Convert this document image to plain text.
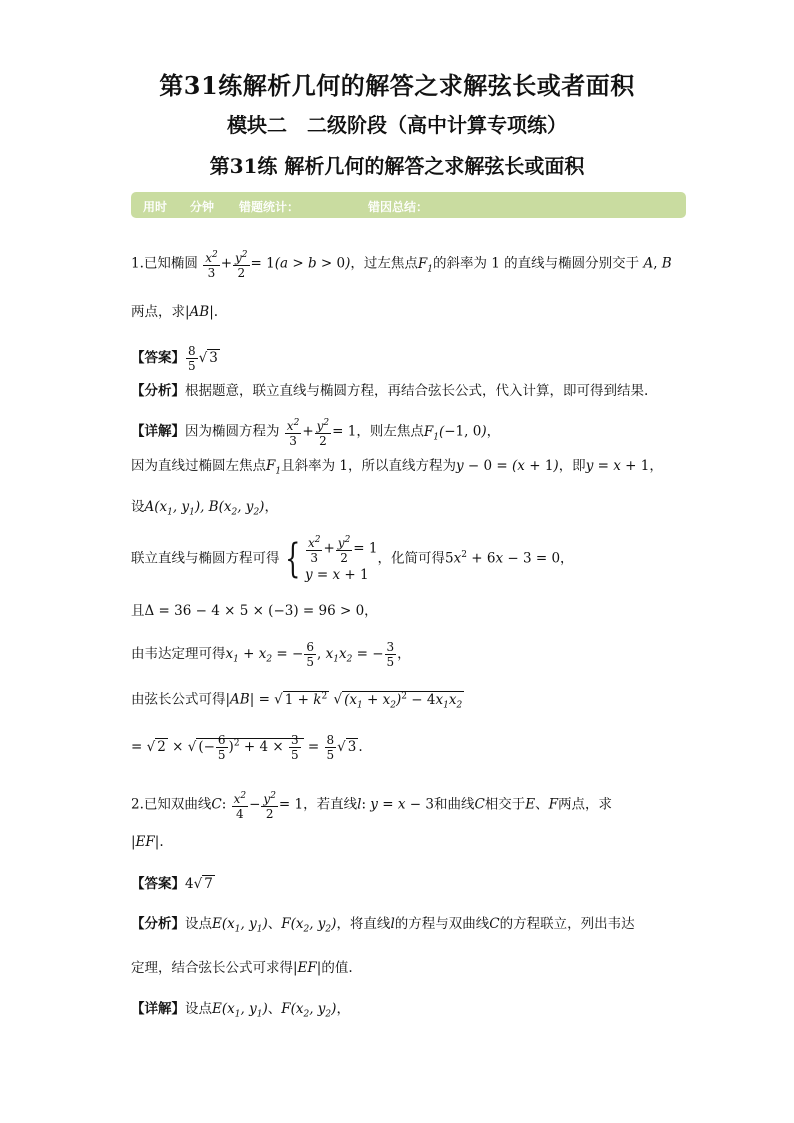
第31练解析几何的解答之求解弦长或者面积
模块二　二级阶段（高中计算专项练）
第31练 解析几何的解答之求解弦长或面积
用时 分钟 错题统计：	错因总结：
1.已知椭圆 $\frac{x^2}{3} + \frac{y^2}{2} = 1(a > b > 0)$，过左焦点$F_1$的斜率为 1 的直线与椭圆分别交于 A, B
两点，求|AB|.
【答案】 $\frac{8}{5}$ √ 3
【分析】根据题意，联立直线与椭圆方程，再结合弦长公式，代入计算，即可得到结果.
【详解】因为椭圆方程为 $\frac{x^2}{3} + \frac{y^2}{2} = 1$，则左焦点$F_1(-1$, 0)，
因为直线过椭圆左焦点$F_1$且斜率为 1，所以直线方程为y − 0 = (x + 1)，即y = x + 1，
设$A(x_1$, $y_1$), $B(x_2$, $y_2$)，
联立直线与椭圆方程可得 { $\frac{x^2}{3} + \frac{y^2}{2} = 1$
y = x + 1
，化简可得$5x^2 + 6x - 3 = 0$，
且Δ = 36 − 4 × 5 × (−3) = 96 > 0，
由韦达定理可得$x_1 + x_2$ = − $\frac{6}{5}$ , $x_1x_2$ = − $\frac{3}{5}$ ，
由弦长公式可得|AB| = √ $1 + k^2$ √ $(x_1 + x_2)^2 - 4x_1x_2$
= √ 2 × √ (− $\frac{6}{5} )^2 + 4 \times \frac{3}{5} = \frac{8}{5}$ √ 3 .
2.已知双曲线C: $\frac{x^2}{4} - \frac{y^2}{2} = 1$，若直线l: y = x − 3和曲线C相交于E、F两点，求
|EF|.
【答案】4√ 7
【分析】设点$E(x_1$, $y_1$)、$F(x_2$, $y_2$)，将直线l的方程与双曲线C的方程联立，列出韦达
定理，结合弦长公式可求得|EF|的值.
【详解】设点$E(x_1$, $y_1$)、$F(x_2$, $y_2$)，
